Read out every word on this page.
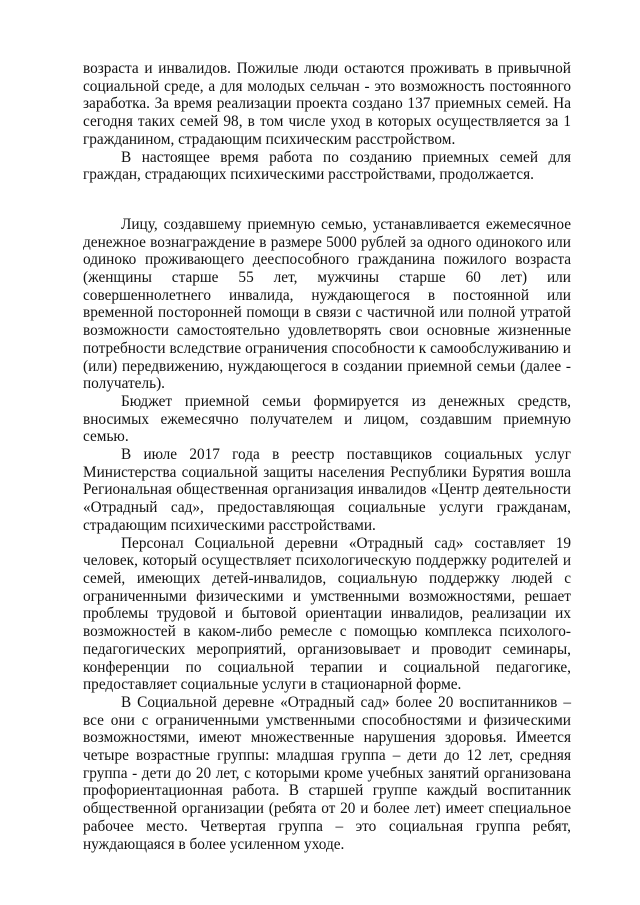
возраста и инвалидов. Пожилые люди остаются проживать в привычной социальной среде, а для молодых сельчан - это возможность постоянного заработка. За время реализации проекта создано 137 приемных семей. На сегодня таких семей 98, в том числе уход в которых осуществляется за 1 гражданином, страдающим психическим расстройством.

В настоящее время работа по созданию приемных семей для граждан, страдающих психическими расстройствами, продолжается.

Лицу, создавшему приемную семью, устанавливается ежемесячное денежное вознаграждение в размере 5000 рублей за одного одинокого или одиноко проживающего дееспособного гражданина пожилого возраста (женщины старше 55 лет, мужчины старше 60 лет) или совершеннолетнего инвалида, нуждающегося в постоянной или временной посторонней помощи в связи с частичной или полной утратой возможности самостоятельно удовлетворять свои основные жизненные потребности вследствие ограничения способности к самообслуживанию и (или) передвижению, нуждающегося в создании приемной семьи (далее - получатель).

Бюджет приемной семьи формируется из денежных средств, вносимых ежемесячно получателем и лицом, создавшим приемную семью.

В июле 2017 года в реестр поставщиков социальных услуг Министерства социальной защиты населения Республики Бурятия вошла Региональная общественная организация инвалидов «Центр деятельности «Отрадный сад», предоставляющая социальные услуги гражданам, страдающим психическими расстройствами.

Персонал Социальной деревни «Отрадный сад» составляет 19 человек, который осуществляет психологическую поддержку родителей и семей, имеющих детей-инвалидов, социальную поддержку людей с ограниченными физическими и умственными возможностями, решает проблемы трудовой и бытовой ориентации инвалидов, реализации их возможностей в каком-либо ремесле с помощью комплекса психолого-педагогических мероприятий, организовывает и проводит семинары, конференции по социальной терапии и социальной педагогике, предоставляет социальные услуги в стационарной форме.

В Социальной деревне «Отрадный сад» более 20 воспитанников – все они с ограниченными умственными способностями и физическими возможностями, имеют множественные нарушения здоровья. Имеется четыре возрастные группы: младшая группа – дети до 12 лет, средняя группа - дети до 20 лет, с которыми кроме учебных занятий организована профориентационная работа. В старшей группе каждый воспитанник общественной организации (ребята от 20 и более лет) имеет специальное рабочее место. Четвертая группа – это социальная группа ребят, нуждающаяся в более усиленном уходе.
